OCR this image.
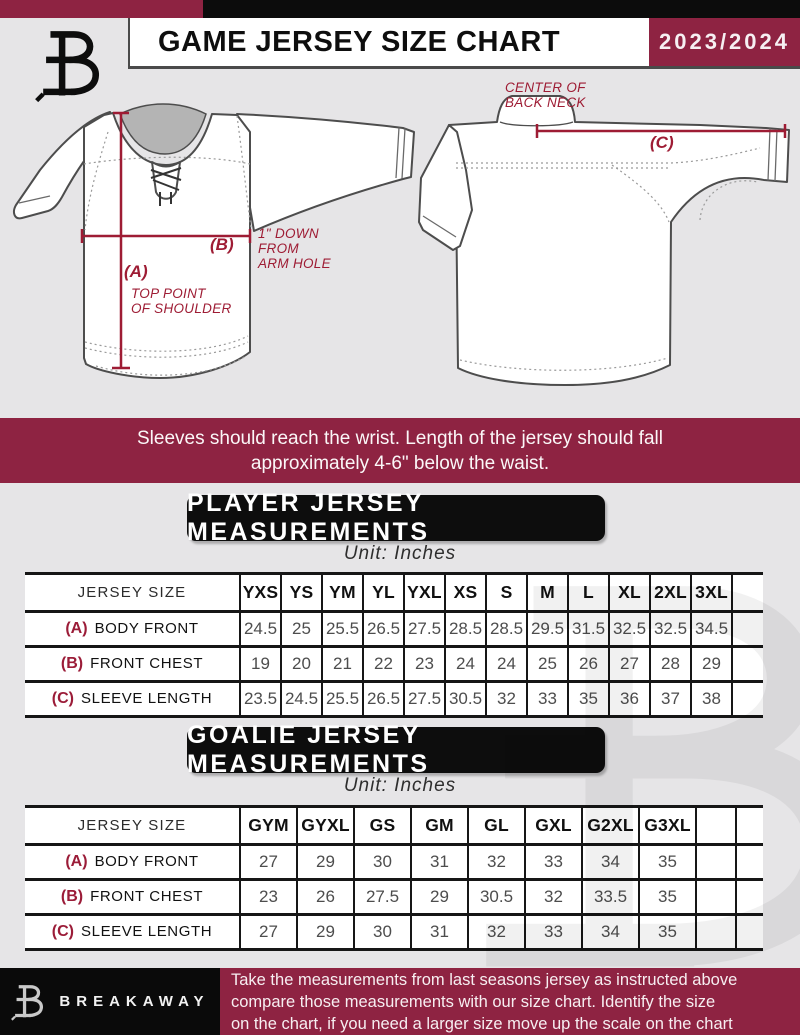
GAME JERSEY SIZE CHART	2023/2024
(A)
TOP POINT
OF SHOULDER
(B)
1" DOWN
FROM
ARM HOLE
CENTER OF
BACK NECK
(C)
Sleeves should reach the wrist. Length of the jersey should fall
approximately 4-6" below the waist.
PLAYER JERSEY MEASUREMENTS
Unit: Inches
JERSEY SIZE	YXS	YS	YM	YL	YXL	XS	S	M	L	XL	2XL	3XL	
(A) BODY FRONT	24.5	25	25.5	26.5	27.5	28.5	28.5	29.5	31.5	32.5	32.5	34.5	
(B) FRONT CHEST	19	20	21	22	23	24	24	25	26	27	28	29	
(C) SLEEVE LENGTH	23.5	24.5	25.5	26.5	27.5	30.5	32	33	35	36	37	38	
GOALIE JERSEY MEASUREMENTS
Unit: Inches
JERSEY SIZE	GYM	GYXL	GS	GM	GL	GXL	G2XL	G3XL		
(A) BODY FRONT	27	29	30	31	32	33	34	35		
(B) FRONT CHEST	23	26	27.5	29	30.5	32	33.5	35		
(C) SLEEVE LENGTH	27	29	30	31	32	33	34	35		
BREAKAWAY
Take the measurements from last seasons jersey as instructed above
compare those measurements with our size chart. Identify the size
on the chart, if you need a larger size move up the scale on the chart
